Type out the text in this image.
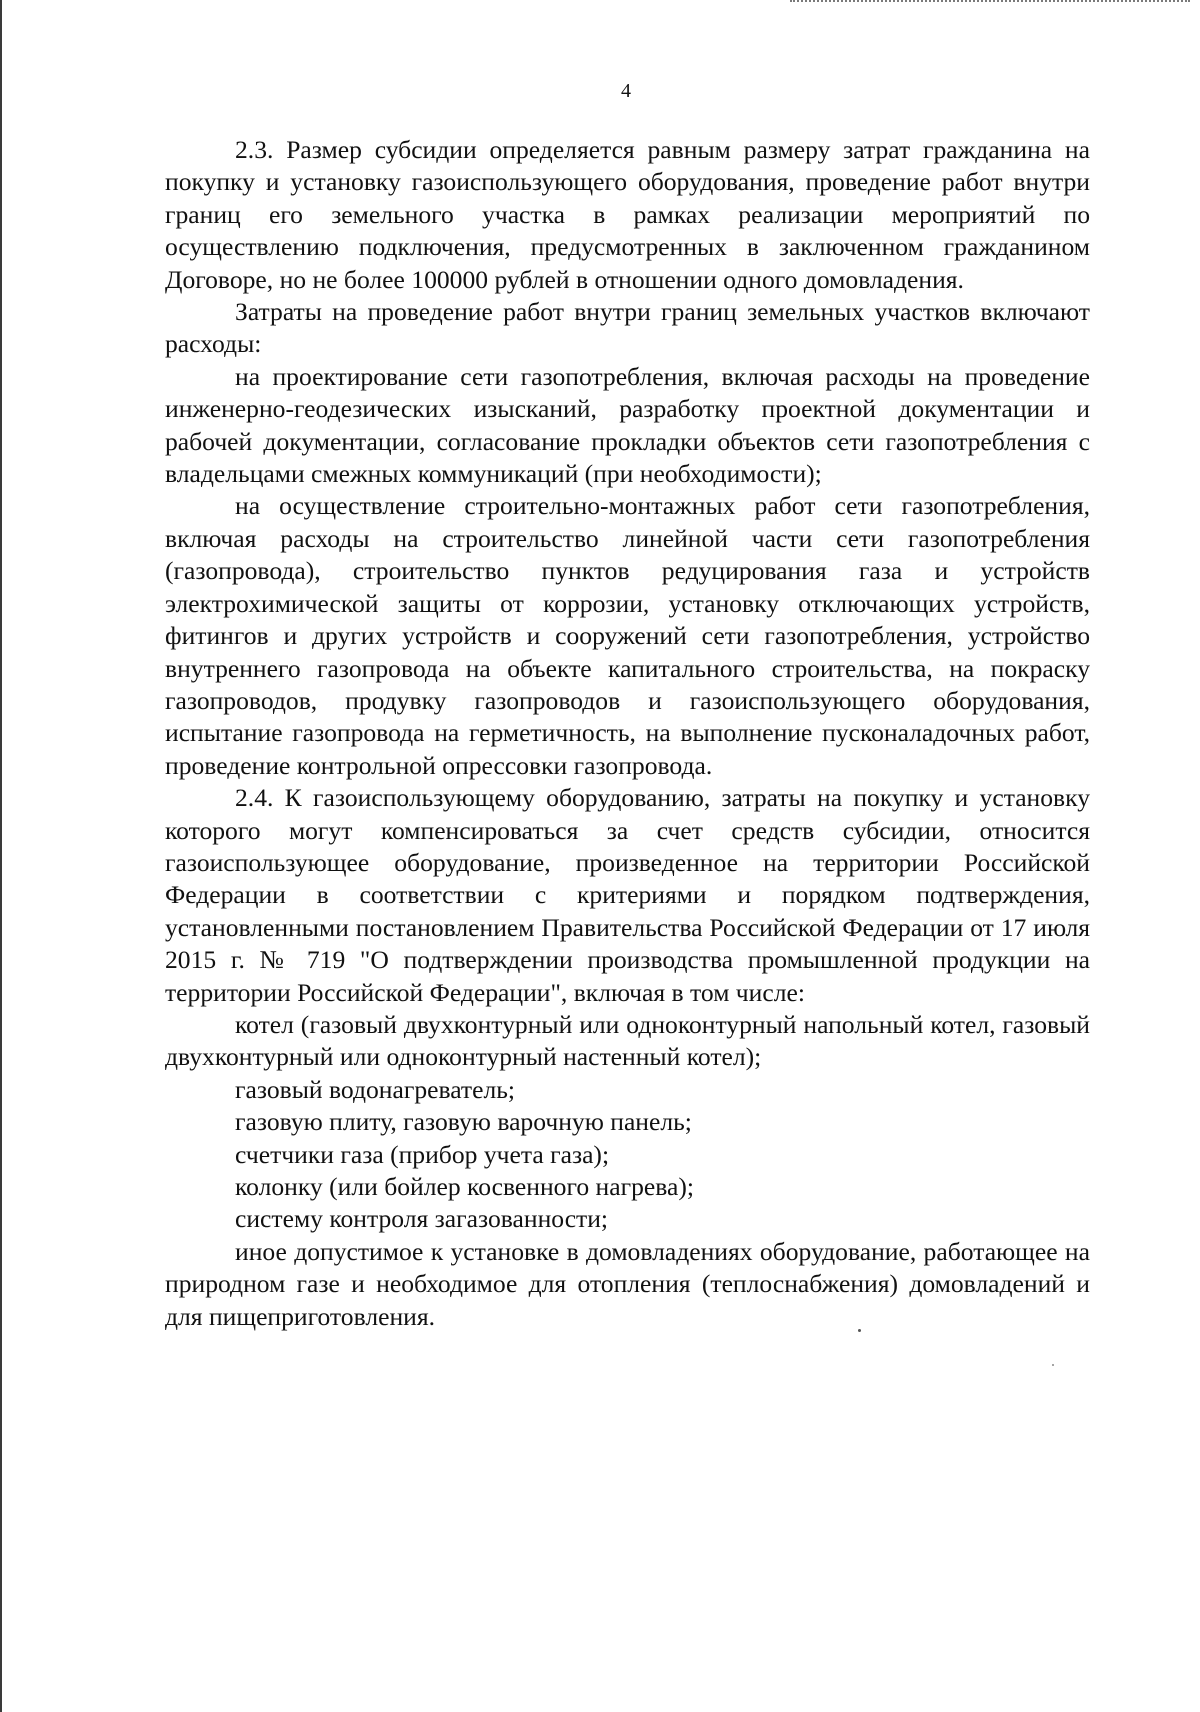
4

2.3. Размер субсидии определяется равным размеру затрат гражданина на покупку и установку газоиспользующего оборудования, проведение работ внутри границ его земельного участка в рамках реализации мероприятий по осуществлению подключения, предусмотренных в заключенном гражданином Договоре, но не более 100000 рублей в отношении одного домовладения.

Затраты на проведение работ внутри границ земельных участков включают расходы:

на проектирование сети газопотребления, включая расходы на проведение инженерно-геодезических изысканий, разработку проектной документации и рабочей документации, согласование прокладки объектов сети газопотребления с владельцами смежных коммуникаций (при необходимости);

на осуществление строительно-монтажных работ сети газопотребления, включая расходы на строительство линейной части сети газопотребления (газопровода), строительство пунктов редуцирования газа и устройств электрохимической защиты от коррозии, установку отключающих устройств, фитингов и других устройств и сооружений сети газопотребления, устройство внутреннего газопровода на объекте капитального строительства, на покраску газопроводов, продувку газопроводов и газоиспользующего оборудования, испытание газопровода на герметичность, на выполнение пусконаладочных работ, проведение контрольной опрессовки газопровода.

2.4. К газоиспользующему оборудованию, затраты на покупку и установку которого могут компенсироваться за счет средств субсидии, относится газоиспользующее оборудование, произведенное на территории Российской Федерации в соответствии с критериями и порядком подтверждения, установленными постановлением Правительства Российской Федерации от 17 июля 2015 г. № 719 "О подтверждении производства промышленной продукции на территории Российской Федерации", включая в том числе:

котел (газовый двухконтурный или одноконтурный напольный котел, газовый двухконтурный или одноконтурный настенный котел);

газовый водонагреватель;

газовую плиту, газовую варочную панель;

счетчики газа (прибор учета газа);

колонку (или бойлер косвенного нагрева);

систему контроля загазованности;

иное допустимое к установке в домовладениях оборудование, работающее на природном газе и необходимое для отопления (теплоснабжения) домовладений и для пищеприготовления.
